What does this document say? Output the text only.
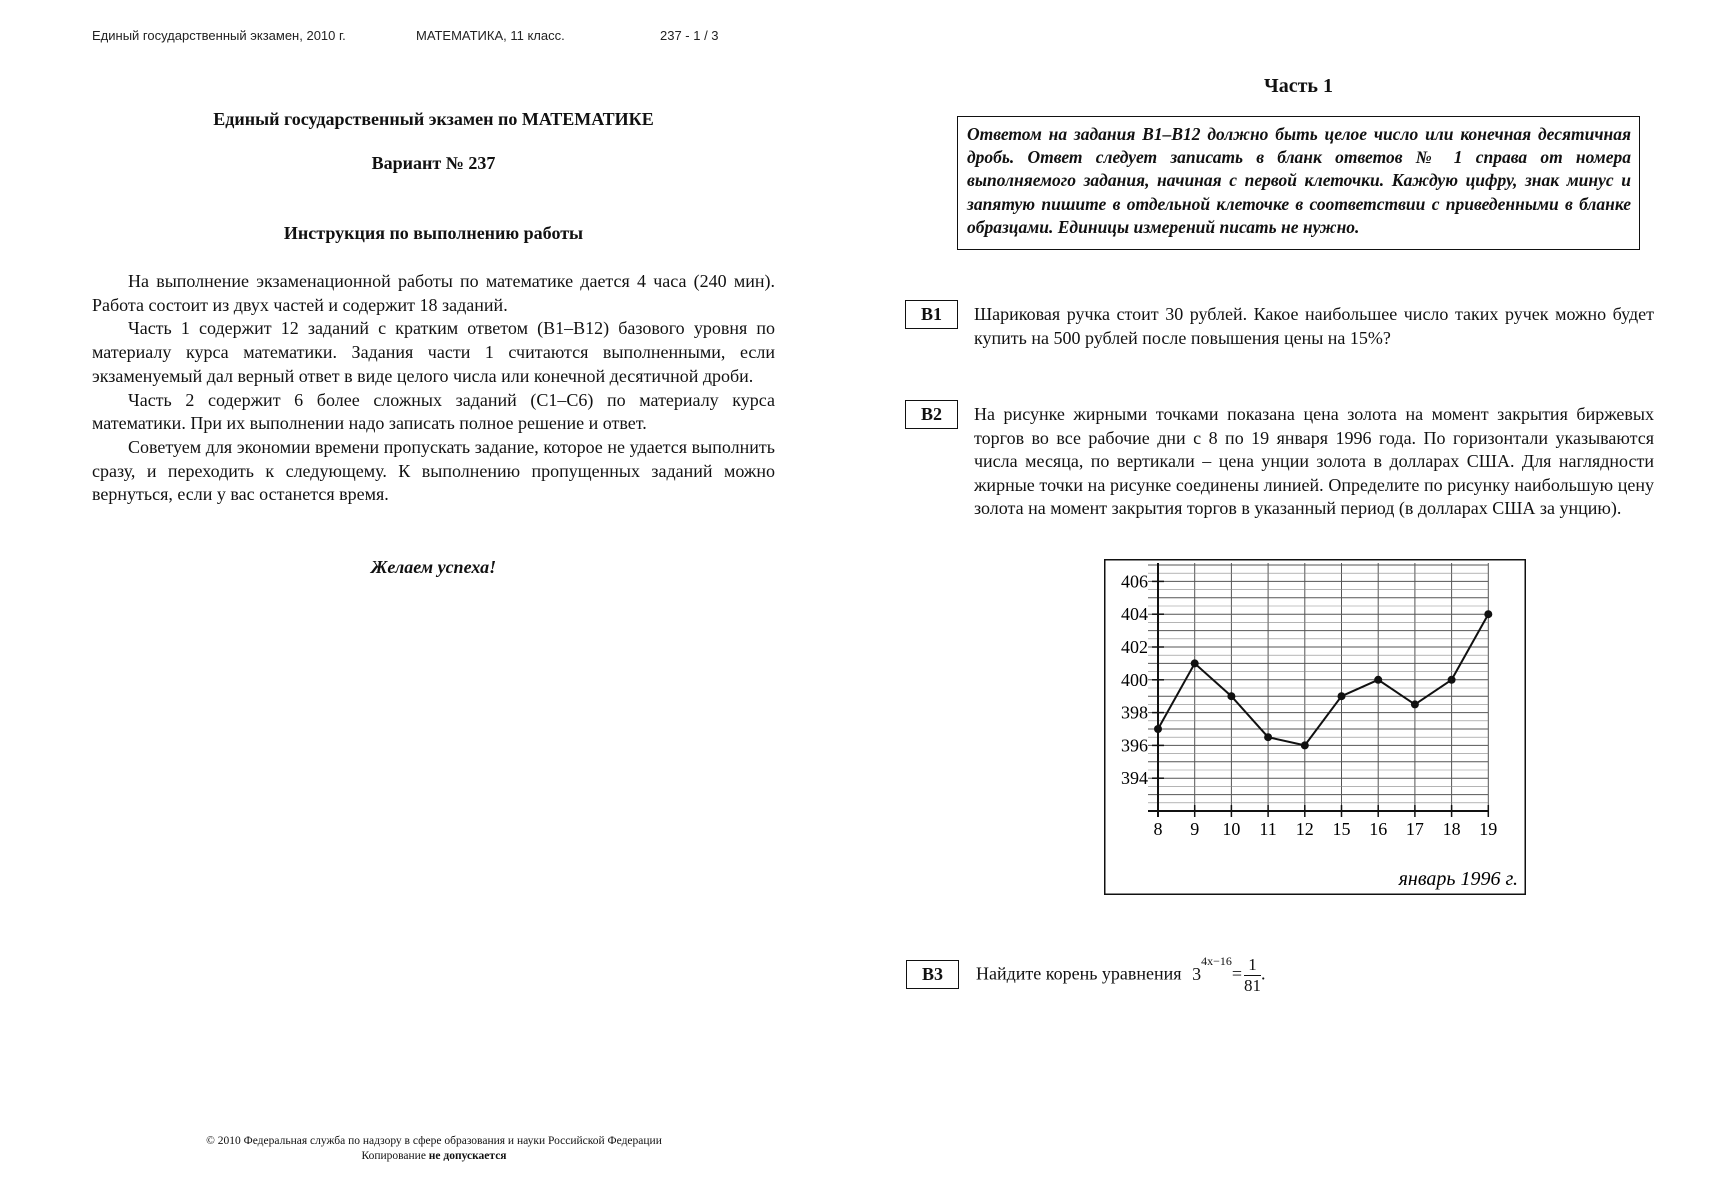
Единый государственный экзамен, 2010 г.	МАТЕМАТИКА, 11 класс.	237 - 1 / 3
Единый государственный экзамен по МАТЕМАТИКЕ
Вариант № 237
Инструкция по выполнению работы

На выполнение экзаменационной работы по математике дается 4 часа (240 мин). Работа состоит из двух частей и содержит 18 заданий.

Часть 1 содержит 12 заданий с кратким ответом (В1–В12) базового уровня по материалу курса математики. Задания части 1 считаются выполненными, если экзаменуемый дал верный ответ в виде целого числа или конечной десятичной дроби.

Часть 2 содержит 6 более сложных заданий (С1–С6) по материалу курса математики. При их выполнении надо записать полное решение и ответ.

Советуем для экономии времени пропускать задание, которое не удается выполнить сразу, и переходить к следующему. К выполнению пропущенных заданий можно вернуться, если у вас останется время.

Желаем успеха!
© 2010 Федеральная служба по надзору в сфере образования и науки Российской Федерации
Копирование не допускается
Часть 1
Ответом на задания В1–В12 должно быть целое число или конечная десятичная дробь. Ответ следует записать в бланк ответов № 1 справа от номера выполняемого задания, начиная с первой клеточки. Каждую цифру, знак минус и запятую пишите в отдельной клеточке в соответствии с приведенными в бланке образцами. Единицы измерений писать не нужно.
В1	Шариковая ручка стоит 30 рублей. Какое наибольшее число таких ручек можно будет купить на 500 рублей после повышения цены на 15%?

В2	На рисунке жирными точками показана цена золота на момент закрытия биржевых торгов во все рабочие дни с 8 по 19 января 1996 года. По горизонтали указываются числа месяца, по вертикали – цена унции золота в долларах США. Для наглядности жирные точки на рисунке соединены линией. Определите по рисунку наибольшую цену золота на момент закрытия торгов в указанный период (в долларах США за унцию).

394
396
398
400
402
404
406
8 9 10 11 12 15 16 17 18 19
январь 1996 г.
В3	Найдите корень уравнения $3^{4x-16}= \frac{1}{81}$ .
